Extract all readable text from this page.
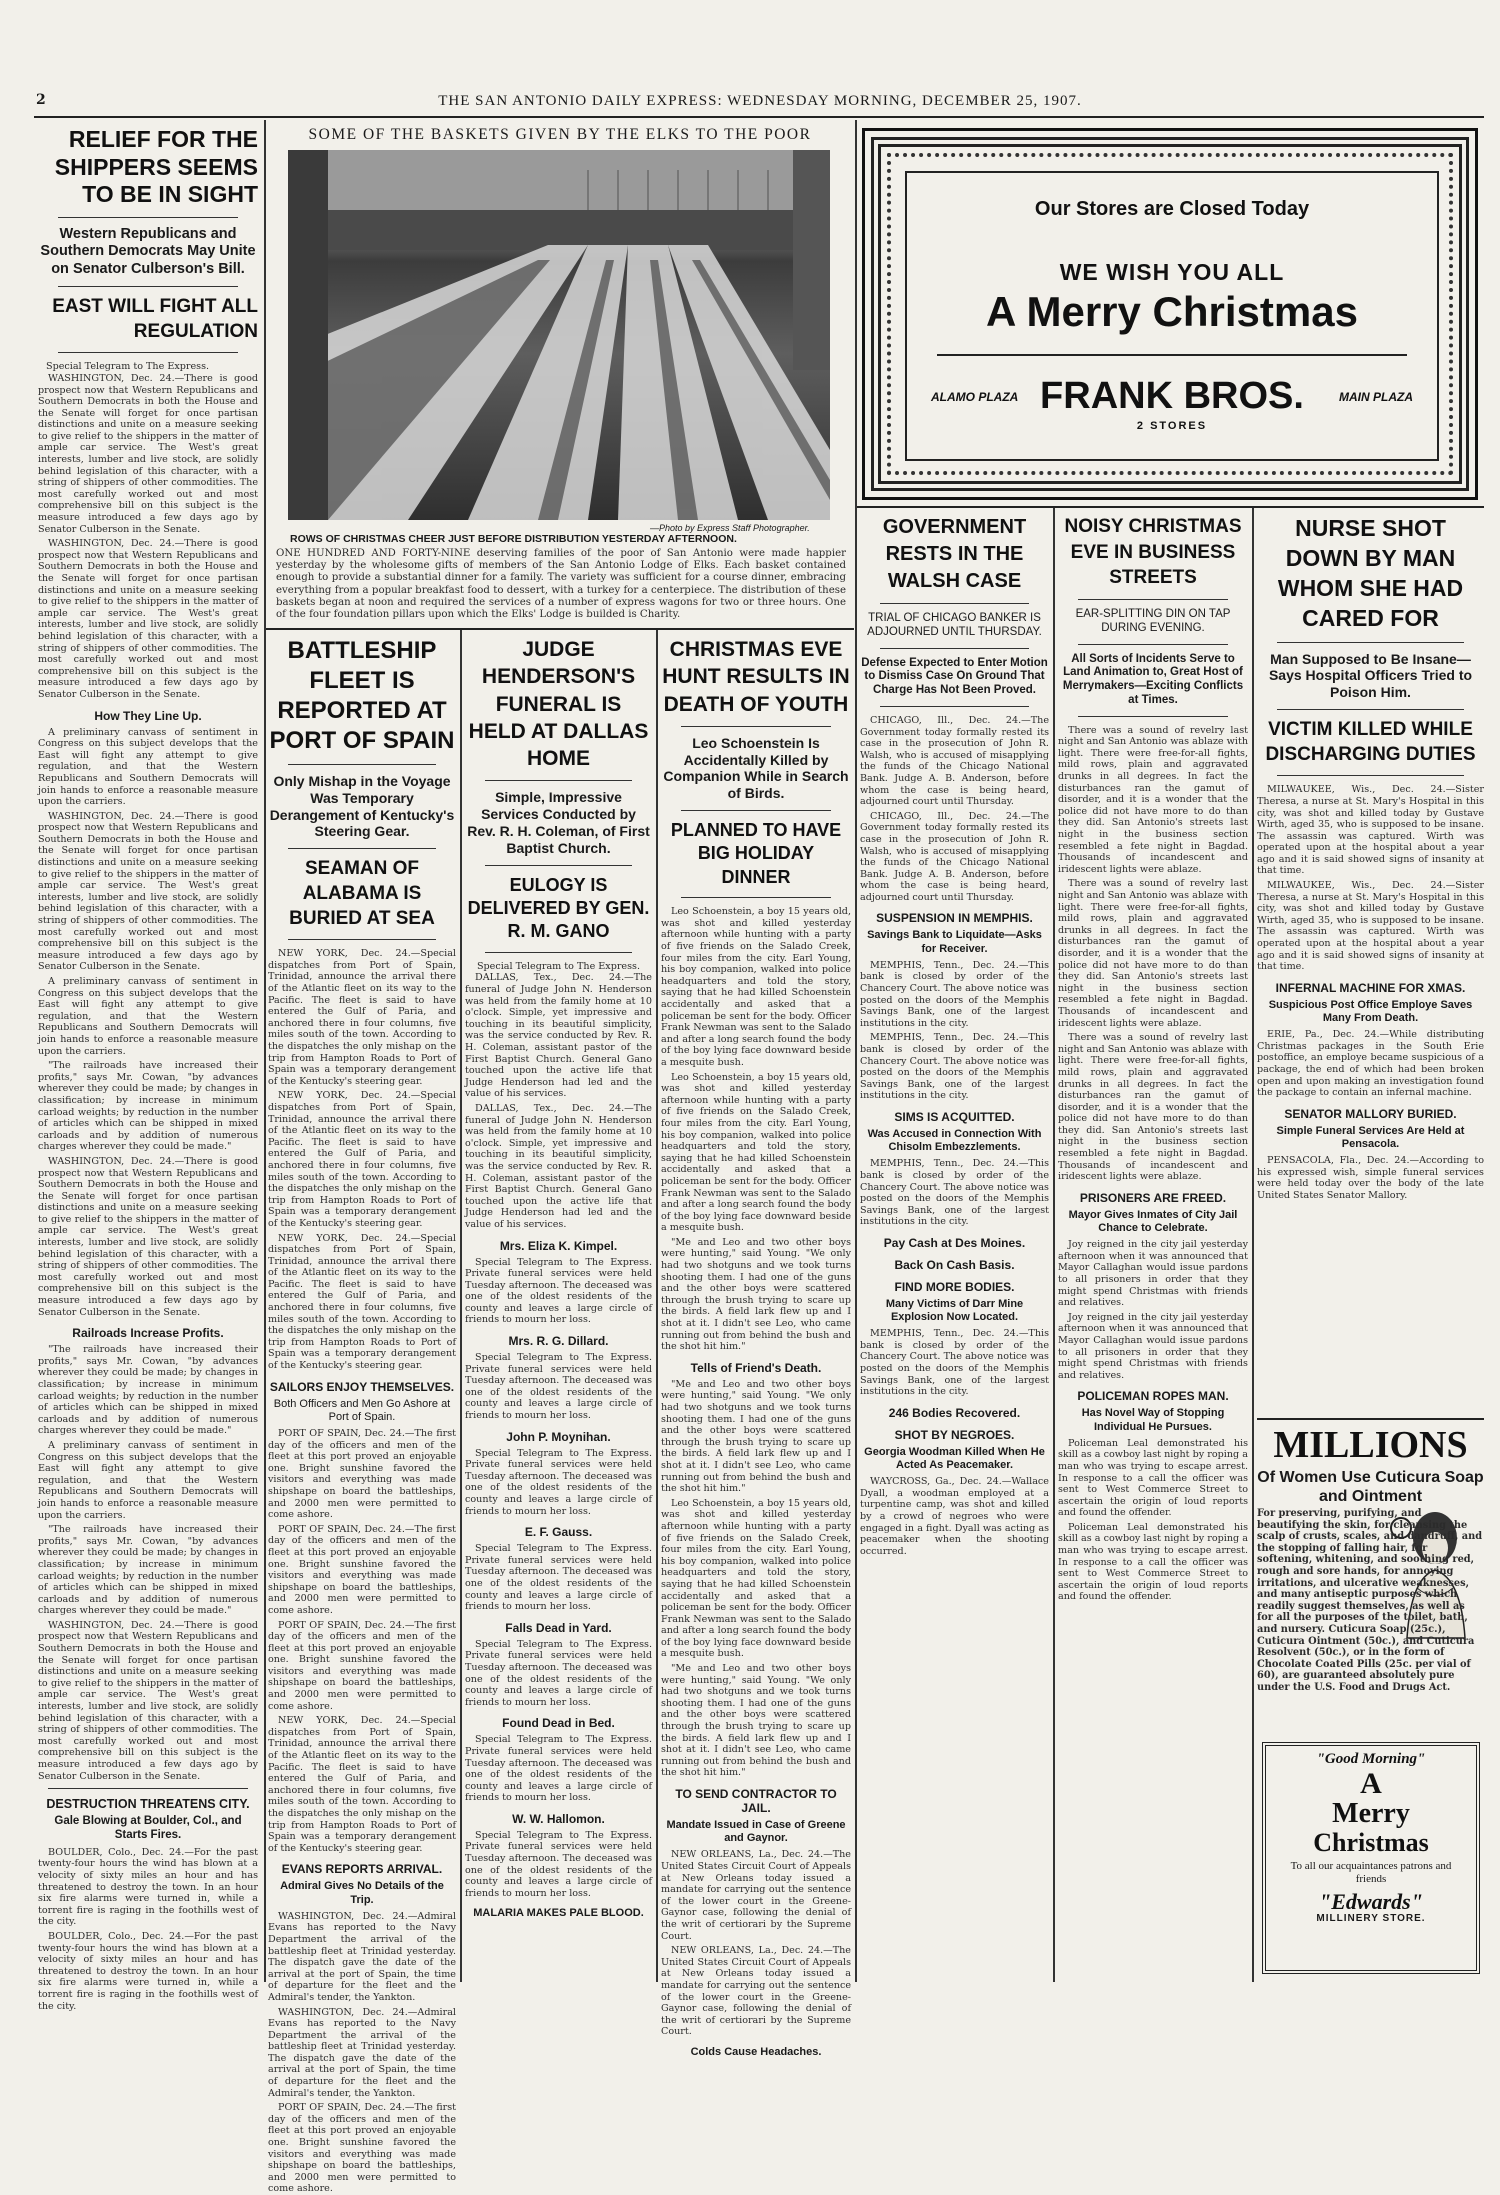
2	THE SAN ANTONIO DAILY EXPRESS: WEDNESDAY MORNING, DECEMBER 25, 1907.
RELIEF FOR THE SHIPPERS SEEMS TO BE IN SIGHT
Western Republicans and Southern Democrats May Unite on Senator Culberson's Bill.
EAST WILL FIGHT ALL REGULATION
Special Telegram to The Express.

WASHINGTON, Dec. 24.—There is good prospect now that Western Republicans and Southern Democrats in both the House and the Senate will forget for once partisan distinctions and unite on a measure seeking to give relief to the shippers in the matter of ample car service. The West's great interests, lumber and live stock, are solidly behind legislation of this character, with a string of shippers of other commodities. The most carefully worked out and most comprehensive bill on this subject is the measure introduced a few days ago by Senator Culberson in the Senate.

WASHINGTON, Dec. 24.—There is good prospect now that Western Republicans and Southern Democrats in both the House and the Senate will forget for once partisan distinctions and unite on a measure seeking to give relief to the shippers in the matter of ample car service. The West's great interests, lumber and live stock, are solidly behind legislation of this character, with a string of shippers of other commodities. The most carefully worked out and most comprehensive bill on this subject is the measure introduced a few days ago by Senator Culberson in the Senate.

How They Line Up.

A preliminary canvass of sentiment in Congress on this subject develops that the East will fight any attempt to give regulation, and that the Western Republicans and Southern Democrats will join hands to enforce a reasonable measure upon the carriers.

WASHINGTON, Dec. 24.—There is good prospect now that Western Republicans and Southern Democrats in both the House and the Senate will forget for once partisan distinctions and unite on a measure seeking to give relief to the shippers in the matter of ample car service. The West's great interests, lumber and live stock, are solidly behind legislation of this character, with a string of shippers of other commodities. The most carefully worked out and most comprehensive bill on this subject is the measure introduced a few days ago by Senator Culberson in the Senate.

A preliminary canvass of sentiment in Congress on this subject develops that the East will fight any attempt to give regulation, and that the Western Republicans and Southern Democrats will join hands to enforce a reasonable measure upon the carriers.

"The railroads have increased their profits," says Mr. Cowan, "by advances wherever they could be made; by changes in classification; by increase in minimum carload weights; by reduction in the number of articles which can be shipped in mixed carloads and by addition of numerous charges wherever they could be made."

WASHINGTON, Dec. 24.—There is good prospect now that Western Republicans and Southern Democrats in both the House and the Senate will forget for once partisan distinctions and unite on a measure seeking to give relief to the shippers in the matter of ample car service. The West's great interests, lumber and live stock, are solidly behind legislation of this character, with a string of shippers of other commodities. The most carefully worked out and most comprehensive bill on this subject is the measure introduced a few days ago by Senator Culberson in the Senate.

Railroads Increase Profits.

"The railroads have increased their profits," says Mr. Cowan, "by advances wherever they could be made; by changes in classification; by increase in minimum carload weights; by reduction in the number of articles which can be shipped in mixed carloads and by addition of numerous charges wherever they could be made."

A preliminary canvass of sentiment in Congress on this subject develops that the East will fight any attempt to give regulation, and that the Western Republicans and Southern Democrats will join hands to enforce a reasonable measure upon the carriers.

"The railroads have increased their profits," says Mr. Cowan, "by advances wherever they could be made; by changes in classification; by increase in minimum carload weights; by reduction in the number of articles which can be shipped in mixed carloads and by addition of numerous charges wherever they could be made."

WASHINGTON, Dec. 24.—There is good prospect now that Western Republicans and Southern Democrats in both the House and the Senate will forget for once partisan distinctions and unite on a measure seeking to give relief to the shippers in the matter of ample car service. The West's great interests, lumber and live stock, are solidly behind legislation of this character, with a string of shippers of other commodities. The most carefully worked out and most comprehensive bill on this subject is the measure introduced a few days ago by Senator Culberson in the Senate.

DESTRUCTION THREATENS CITY.
Gale Blowing at Boulder, Col., and Starts Fires.

BOULDER, Colo., Dec. 24.—For the past twenty-four hours the wind has blown at a velocity of sixty miles an hour and has threatened to destroy the town. In an hour six fire alarms were turned in, while a torrent fire is raging in the foothills west of the city.

BOULDER, Colo., Dec. 24.—For the past twenty-four hours the wind has blown at a velocity of sixty miles an hour and has threatened to destroy the town. In an hour six fire alarms were turned in, while a torrent fire is raging in the foothills west of the city.

SOME OF THE BASKETS GIVEN BY THE ELKS TO THE POOR
—Photo by Express Staff Photographer.
ROWS OF CHRISTMAS CHEER JUST BEFORE DISTRIBUTION YESTERDAY AFTERNOON.
ONE HUNDRED AND FORTY-NINE deserving families of the poor of San Antonio were made happier yesterday by the wholesome gifts of members of the San Antonio Lodge of Elks. Each basket contained enough to provide a substantial dinner for a family. The variety was sufficient for a course dinner, embracing everything from a popular breakfast food to dessert, with a turkey for a centerpiece. The distribution of these baskets began at noon and required the services of a number of express wagons for two or three hours. One of the four foundation pillars upon which the Elks' Lodge is builded is Charity.
Our Stores are Closed Today
WE WISH YOU ALL
A Merry Christmas
ALAMO PLAZA	MAIN PLAZA
FRANK BROS.
2 STORES
BATTLESHIP FLEET IS REPORTED AT PORT OF SPAIN
Only Mishap in the Voyage Was Temporary Derangement of Kentucky's Steering Gear.
SEAMAN OF ALABAMA IS BURIED AT SEA

NEW YORK, Dec. 24.—Special dispatches from Port of Spain, Trinidad, announce the arrival there of the Atlantic fleet on its way to the Pacific. The fleet is said to have entered the Gulf of Paria, and anchored there in four columns, five miles south of the town. According to the dispatches the only mishap on the trip from Hampton Roads to Port of Spain was a temporary derangement of the Kentucky's steering gear.

NEW YORK, Dec. 24.—Special dispatches from Port of Spain, Trinidad, announce the arrival there of the Atlantic fleet on its way to the Pacific. The fleet is said to have entered the Gulf of Paria, and anchored there in four columns, five miles south of the town. According to the dispatches the only mishap on the trip from Hampton Roads to Port of Spain was a temporary derangement of the Kentucky's steering gear.

NEW YORK, Dec. 24.—Special dispatches from Port of Spain, Trinidad, announce the arrival there of the Atlantic fleet on its way to the Pacific. The fleet is said to have entered the Gulf of Paria, and anchored there in four columns, five miles south of the town. According to the dispatches the only mishap on the trip from Hampton Roads to Port of Spain was a temporary derangement of the Kentucky's steering gear.

SAILORS ENJOY THEMSELVES.
Both Officers and Men Go Ashore at Port of Spain.

PORT OF SPAIN, Dec. 24.—The first day of the officers and men of the fleet at this port proved an enjoyable one. Bright sunshine favored the visitors and everything was made shipshape on board the battleships, and 2000 men were permitted to come ashore.

PORT OF SPAIN, Dec. 24.—The first day of the officers and men of the fleet at this port proved an enjoyable one. Bright sunshine favored the visitors and everything was made shipshape on board the battleships, and 2000 men were permitted to come ashore.

PORT OF SPAIN, Dec. 24.—The first day of the officers and men of the fleet at this port proved an enjoyable one. Bright sunshine favored the visitors and everything was made shipshape on board the battleships, and 2000 men were permitted to come ashore.

NEW YORK, Dec. 24.—Special dispatches from Port of Spain, Trinidad, announce the arrival there of the Atlantic fleet on its way to the Pacific. The fleet is said to have entered the Gulf of Paria, and anchored there in four columns, five miles south of the town. According to the dispatches the only mishap on the trip from Hampton Roads to Port of Spain was a temporary derangement of the Kentucky's steering gear.

EVANS REPORTS ARRIVAL.
Admiral Gives No Details of the Trip.

WASHINGTON, Dec. 24.—Admiral Evans has reported to the Navy Department the arrival of the battleship fleet at Trinidad yesterday. The dispatch gave the date of the arrival at the port of Spain, the time of departure for the fleet and the Admiral's tender, the Yankton.

WASHINGTON, Dec. 24.—Admiral Evans has reported to the Navy Department the arrival of the battleship fleet at Trinidad yesterday. The dispatch gave the date of the arrival at the port of Spain, the time of departure for the fleet and the Admiral's tender, the Yankton.

PORT OF SPAIN, Dec. 24.—The first day of the officers and men of the fleet at this port proved an enjoyable one. Bright sunshine favored the visitors and everything was made shipshape on board the battleships, and 2000 men were permitted to come ashore.

JUDGE HENDERSON'S FUNERAL IS HELD AT DALLAS HOME
Simple, Impressive Services Conducted by Rev. R. H. Coleman, of First Baptist Church.
EULOGY IS DELIVERED BY GEN. R. M. GANO
Special Telegram to The Express.

DALLAS, Tex., Dec. 24.—The funeral of Judge John N. Henderson was held from the family home at 10 o'clock. Simple, yet impressive and touching in its beautiful simplicity, was the service conducted by Rev. R. H. Coleman, assistant pastor of the First Baptist Church. General Gano touched upon the active life that Judge Henderson had led and the value of his services.

DALLAS, Tex., Dec. 24.—The funeral of Judge John N. Henderson was held from the family home at 10 o'clock. Simple, yet impressive and touching in its beautiful simplicity, was the service conducted by Rev. R. H. Coleman, assistant pastor of the First Baptist Church. General Gano touched upon the active life that Judge Henderson had led and the value of his services.

Mrs. Eliza K. Kimpel.

Special Telegram to The Express. Private funeral services were held Tuesday afternoon. The deceased was one of the oldest residents of the county and leaves a large circle of friends to mourn her loss.

Mrs. R. G. Dillard.

Special Telegram to The Express. Private funeral services were held Tuesday afternoon. The deceased was one of the oldest residents of the county and leaves a large circle of friends to mourn her loss.

John P. Moynihan.

Special Telegram to The Express. Private funeral services were held Tuesday afternoon. The deceased was one of the oldest residents of the county and leaves a large circle of friends to mourn her loss.

E. F. Gauss.

Special Telegram to The Express. Private funeral services were held Tuesday afternoon. The deceased was one of the oldest residents of the county and leaves a large circle of friends to mourn her loss.

Falls Dead in Yard.

Special Telegram to The Express. Private funeral services were held Tuesday afternoon. The deceased was one of the oldest residents of the county and leaves a large circle of friends to mourn her loss.

Found Dead in Bed.

Special Telegram to The Express. Private funeral services were held Tuesday afternoon. The deceased was one of the oldest residents of the county and leaves a large circle of friends to mourn her loss.

W. W. Hallomon.

Special Telegram to The Express. Private funeral services were held Tuesday afternoon. The deceased was one of the oldest residents of the county and leaves a large circle of friends to mourn her loss.

MALARIA MAKES PALE BLOOD.
CHRISTMAS EVE HUNT RESULTS IN DEATH OF YOUTH
Leo Schoenstein Is Accidentally Killed by Companion While in Search of Birds.
PLANNED TO HAVE BIG HOLIDAY DINNER

Leo Schoenstein, a boy 15 years old, was shot and killed yesterday afternoon while hunting with a party of five friends on the Salado Creek, four miles from the city. Earl Young, his boy companion, walked into police headquarters and told the story, saying that he had killed Schoenstein accidentally and asked that a policeman be sent for the body. Officer Frank Newman was sent to the Salado and after a long search found the body of the boy lying face downward beside a mesquite bush.

Leo Schoenstein, a boy 15 years old, was shot and killed yesterday afternoon while hunting with a party of five friends on the Salado Creek, four miles from the city. Earl Young, his boy companion, walked into police headquarters and told the story, saying that he had killed Schoenstein accidentally and asked that a policeman be sent for the body. Officer Frank Newman was sent to the Salado and after a long search found the body of the boy lying face downward beside a mesquite bush.

"Me and Leo and two other boys were hunting," said Young. "We only had two shotguns and we took turns shooting them. I had one of the guns and the other boys were scattered through the brush trying to scare up the birds. A field lark flew up and I shot at it. I didn't see Leo, who came running out from behind the bush and the shot hit him."

Tells of Friend's Death.

"Me and Leo and two other boys were hunting," said Young. "We only had two shotguns and we took turns shooting them. I had one of the guns and the other boys were scattered through the brush trying to scare up the birds. A field lark flew up and I shot at it. I didn't see Leo, who came running out from behind the bush and the shot hit him."

Leo Schoenstein, a boy 15 years old, was shot and killed yesterday afternoon while hunting with a party of five friends on the Salado Creek, four miles from the city. Earl Young, his boy companion, walked into police headquarters and told the story, saying that he had killed Schoenstein accidentally and asked that a policeman be sent for the body. Officer Frank Newman was sent to the Salado and after a long search found the body of the boy lying face downward beside a mesquite bush.

"Me and Leo and two other boys were hunting," said Young. "We only had two shotguns and we took turns shooting them. I had one of the guns and the other boys were scattered through the brush trying to scare up the birds. A field lark flew up and I shot at it. I didn't see Leo, who came running out from behind the bush and the shot hit him."

TO SEND CONTRACTOR TO JAIL.
Mandate Issued in Case of Greene and Gaynor.

NEW ORLEANS, La., Dec. 24.—The United States Circuit Court of Appeals at New Orleans today issued a mandate for carrying out the sentence of the lower court in the Greene-Gaynor case, following the denial of the writ of certiorari by the Supreme Court.

NEW ORLEANS, La., Dec. 24.—The United States Circuit Court of Appeals at New Orleans today issued a mandate for carrying out the sentence of the lower court in the Greene-Gaynor case, following the denial of the writ of certiorari by the Supreme Court.

Colds Cause Headaches.
GOVERNMENT RESTS IN THE WALSH CASE
TRIAL OF CHICAGO BANKER IS ADJOURNED UNTIL THURSDAY.
Defense Expected to Enter Motion to Dismiss Case On Ground That Charge Has Not Been Proved.

CHICAGO, Ill., Dec. 24.—The Government today formally rested its case in the prosecution of John R. Walsh, who is accused of misapplying the funds of the Chicago National Bank. Judge A. B. Anderson, before whom the case is being heard, adjourned court until Thursday.

CHICAGO, Ill., Dec. 24.—The Government today formally rested its case in the prosecution of John R. Walsh, who is accused of misapplying the funds of the Chicago National Bank. Judge A. B. Anderson, before whom the case is being heard, adjourned court until Thursday.

SUSPENSION IN MEMPHIS.
Savings Bank to Liquidate—Asks for Receiver.

MEMPHIS, Tenn., Dec. 24.—This bank is closed by order of the Chancery Court. The above notice was posted on the doors of the Memphis Savings Bank, one of the largest institutions in the city.

MEMPHIS, Tenn., Dec. 24.—This bank is closed by order of the Chancery Court. The above notice was posted on the doors of the Memphis Savings Bank, one of the largest institutions in the city.

SIMS IS ACQUITTED.
Was Accused in Connection With Chisolm Embezzlements.

MEMPHIS, Tenn., Dec. 24.—This bank is closed by order of the Chancery Court. The above notice was posted on the doors of the Memphis Savings Bank, one of the largest institutions in the city.

Pay Cash at Des Moines.
Back On Cash Basis.
FIND MORE BODIES.
Many Victims of Darr Mine Explosion Now Located.

MEMPHIS, Tenn., Dec. 24.—This bank is closed by order of the Chancery Court. The above notice was posted on the doors of the Memphis Savings Bank, one of the largest institutions in the city.

246 Bodies Recovered.
SHOT BY NEGROES.
Georgia Woodman Killed When He Acted As Peacemaker.

WAYCROSS, Ga., Dec. 24.—Wallace Dyall, a woodman employed at a turpentine camp, was shot and killed by a crowd of negroes who were engaged in a fight. Dyall was acting as peacemaker when the shooting occurred.

NOISY CHRISTMAS EVE IN BUSINESS STREETS
EAR-SPLITTING DIN ON TAP DURING EVENING.
All Sorts of Incidents Serve to Land Animation to, Great Host of Merrymakers—Exciting Conflicts at Times.

There was a sound of revelry last night and San Antonio was ablaze with light. There were free-for-all fights, mild rows, plain and aggravated drunks in all degrees. In fact the disturbances ran the gamut of disorder, and it is a wonder that the police did not have more to do than they did. San Antonio's streets last night in the business section resembled a fete night in Bagdad. Thousands of incandescent and iridescent lights were ablaze.

There was a sound of revelry last night and San Antonio was ablaze with light. There were free-for-all fights, mild rows, plain and aggravated drunks in all degrees. In fact the disturbances ran the gamut of disorder, and it is a wonder that the police did not have more to do than they did. San Antonio's streets last night in the business section resembled a fete night in Bagdad. Thousands of incandescent and iridescent lights were ablaze.

There was a sound of revelry last night and San Antonio was ablaze with light. There were free-for-all fights, mild rows, plain and aggravated drunks in all degrees. In fact the disturbances ran the gamut of disorder, and it is a wonder that the police did not have more to do than they did. San Antonio's streets last night in the business section resembled a fete night in Bagdad. Thousands of incandescent and iridescent lights were ablaze.

PRISONERS ARE FREED.
Mayor Gives Inmates of City Jail Chance to Celebrate.

Joy reigned in the city jail yesterday afternoon when it was announced that Mayor Callaghan would issue pardons to all prisoners in order that they might spend Christmas with friends and relatives.

Joy reigned in the city jail yesterday afternoon when it was announced that Mayor Callaghan would issue pardons to all prisoners in order that they might spend Christmas with friends and relatives.

POLICEMAN ROPES MAN.
Has Novel Way of Stopping Individual He Pursues.

Policeman Leal demonstrated his skill as a cowboy last night by roping a man who was trying to escape arrest. In response to a call the officer was sent to West Commerce Street to ascertain the origin of loud reports and found the offender.

Policeman Leal demonstrated his skill as a cowboy last night by roping a man who was trying to escape arrest. In response to a call the officer was sent to West Commerce Street to ascertain the origin of loud reports and found the offender.

NURSE SHOT DOWN BY MAN WHOM SHE HAD CARED FOR
Man Supposed to Be Insane—Says Hospital Officers Tried to Poison Him.
VICTIM KILLED WHILE DISCHARGING DUTIES

MILWAUKEE, Wis., Dec. 24.—Sister Theresa, a nurse at St. Mary's Hospital in this city, was shot and killed today by Gustave Wirth, aged 35, who is supposed to be insane. The assassin was captured. Wirth was operated upon at the hospital about a year ago and it is said showed signs of insanity at that time.

MILWAUKEE, Wis., Dec. 24.—Sister Theresa, a nurse at St. Mary's Hospital in this city, was shot and killed today by Gustave Wirth, aged 35, who is supposed to be insane. The assassin was captured. Wirth was operated upon at the hospital about a year ago and it is said showed signs of insanity at that time.

INFERNAL MACHINE FOR XMAS.
Suspicious Post Office Employe Saves Many From Death.

ERIE, Pa., Dec. 24.—While distributing Christmas packages in the South Erie postoffice, an employe became suspicious of a package, the end of which had been broken open and upon making an investigation found the package to contain an infernal machine.

SENATOR MALLORY BURIED.
Simple Funeral Services Are Held at Pensacola.

PENSACOLA, Fla., Dec. 24.—According to his expressed wish, simple funeral services were held today over the body of the late United States Senator Mallory.

MILLIONS
Of Women Use Cuticura Soap and Ointment
For preserving, purifying, and beautifying the skin, for cleansing the scalp of crusts, scales, and dandruff, and the stopping of falling hair, for softening, whitening, and soothing red, rough and sore hands, for annoying irritations, and ulcerative weaknesses, and many antiseptic purposes which readily suggest themselves, as well as for all the purposes of the toilet, bath, and nursery. Cuticura Soap (25c.), Cuticura Ointment (50c.), and Cuticura Resolvent (50c.), or in the form of Chocolate Coated Pills (25c. per vial of 60), are guaranteed absolutely pure under the U.S. Food and Drugs Act.
"Good Morning"
A
Merry
Christmas
To all our acquaintances patrons and friends
"Edwards"
MILLINERY STORE.
